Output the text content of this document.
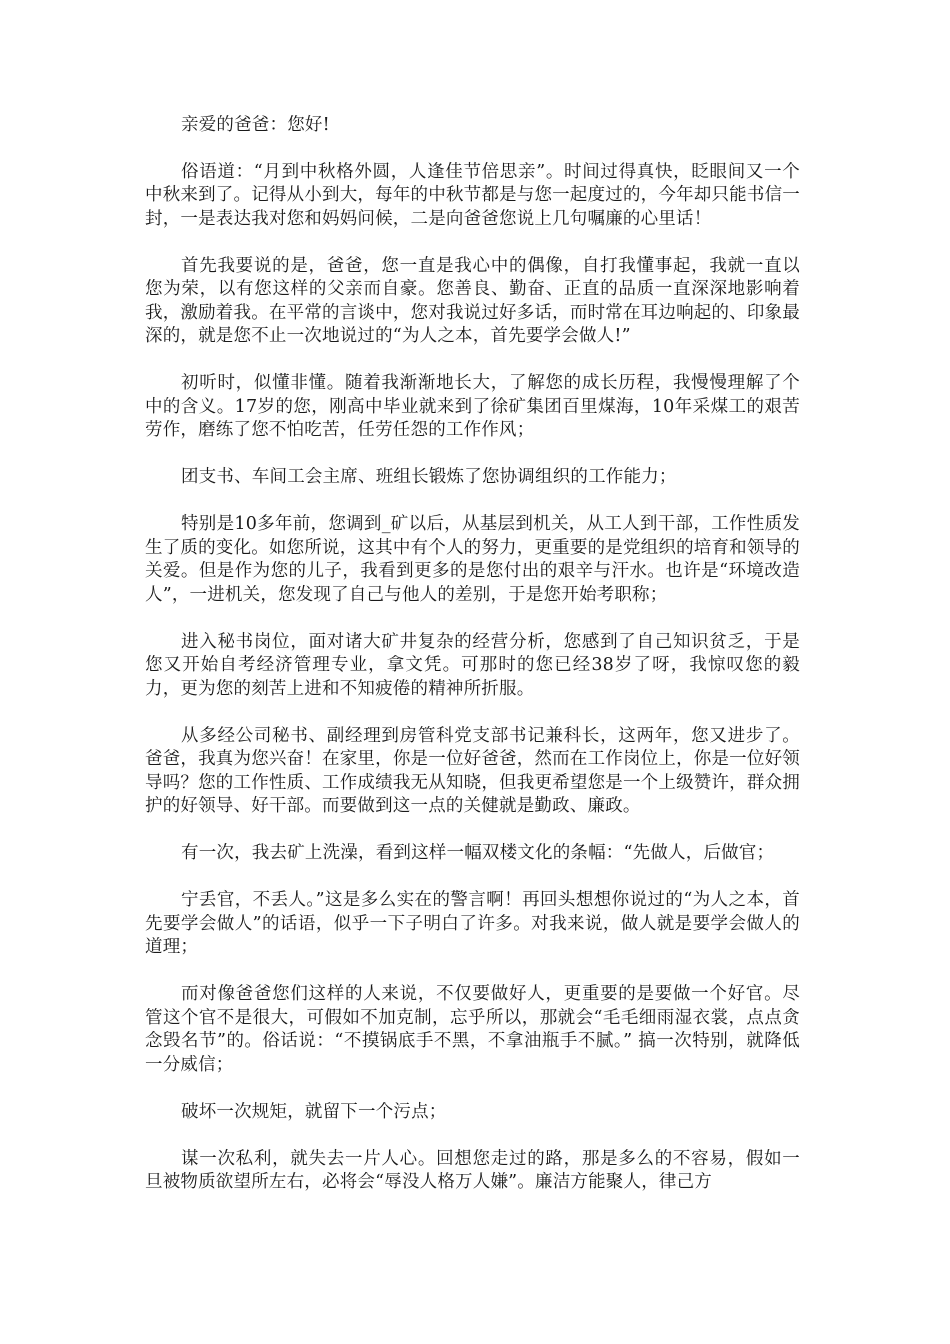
亲爱的爸爸：您好!

俗语道：“月到中秋格外圆，人逢佳节倍思亲”。时间过得真快，眨眼间又一个中秋来到了。记得从小到大，每年的中秋节都是与您一起度过的，今年却只能书信一封，一是表达我对您和妈妈问候，二是向爸爸您说上几句嘱廉的心里话！

首先我要说的是，爸爸，您一直是我心中的偶像，自打我懂事起，我就一直以您为荣，以有您这样的父亲而自豪。您善良、勤奋、正直的品质一直深深地影响着我，激励着我。在平常的言谈中，您对我说过好多话，而时常在耳边响起的、印象最深的，就是您不止一次地说过的“为人之本，首先要学会做人!”

初听时，似懂非懂。随着我渐渐地长大，了解您的成长历程，我慢慢理解了个中的含义。17岁的您，刚高中毕业就来到了徐矿集团百里煤海，10年采煤工的艰苦劳作，磨练了您不怕吃苦，任劳任怨的工作作风；

团支书、车间工会主席、班组长锻炼了您协调组织的工作能力；

特别是10多年前，您调到_矿以后，从基层到机关，从工人到干部，工作性质发生了质的变化。如您所说，这其中有个人的努力，更重要的是党组织的培育和领导的关爱。但是作为您的儿子，我看到更多的是您付出的艰辛与汗水。也许是“环境改造人”，一进机关，您发现了自己与他人的差别，于是您开始考职称；

进入秘书岗位，面对诸大矿井复杂的经营分析，您感到了自己知识贫乏，于是您又开始自考经济管理专业，拿文凭。可那时的您已经38岁了呀，我惊叹您的毅力，更为您的刻苦上进和不知疲倦的精神所折服。

从多经公司秘书、副经理到房管科党支部书记兼科长，这两年，您又进步了。爸爸，我真为您兴奋！在家里，你是一位好爸爸，然而在工作岗位上，你是一位好领导吗？您的工作性质、工作成绩我无从知晓，但我更希望您是一个上级赞许，群众拥护的好领导、好干部。而要做到这一点的关健就是勤政、廉政。

有一次，我去矿上洗澡，看到这样一幅双楼文化的条幅：“先做人，后做官；

宁丢官，不丢人。”这是多么实在的警言啊！再回头想想你说过的“为人之本，首先要学会做人”的话语，似乎一下子明白了许多。对我来说，做人就是要学会做人的道理；

而对像爸爸您们这样的人来说，不仅要做好人，更重要的是要做一个好官。尽管这个官不是很大，可假如不加克制，忘乎所以，那就会“毛毛细雨湿衣裳，点点贪念毁名节”的。俗话说：“不摸锅底手不黑，不拿油瓶手不腻。” 搞一次特别，就降低一分威信；

破坏一次规矩，就留下一个污点；

谋一次私利，就失去一片人心。回想您走过的路，那是多么的不容易，假如一旦被物质欲望所左右，必将会“辱没人格万人嫌”。廉洁方能聚人，律己方
